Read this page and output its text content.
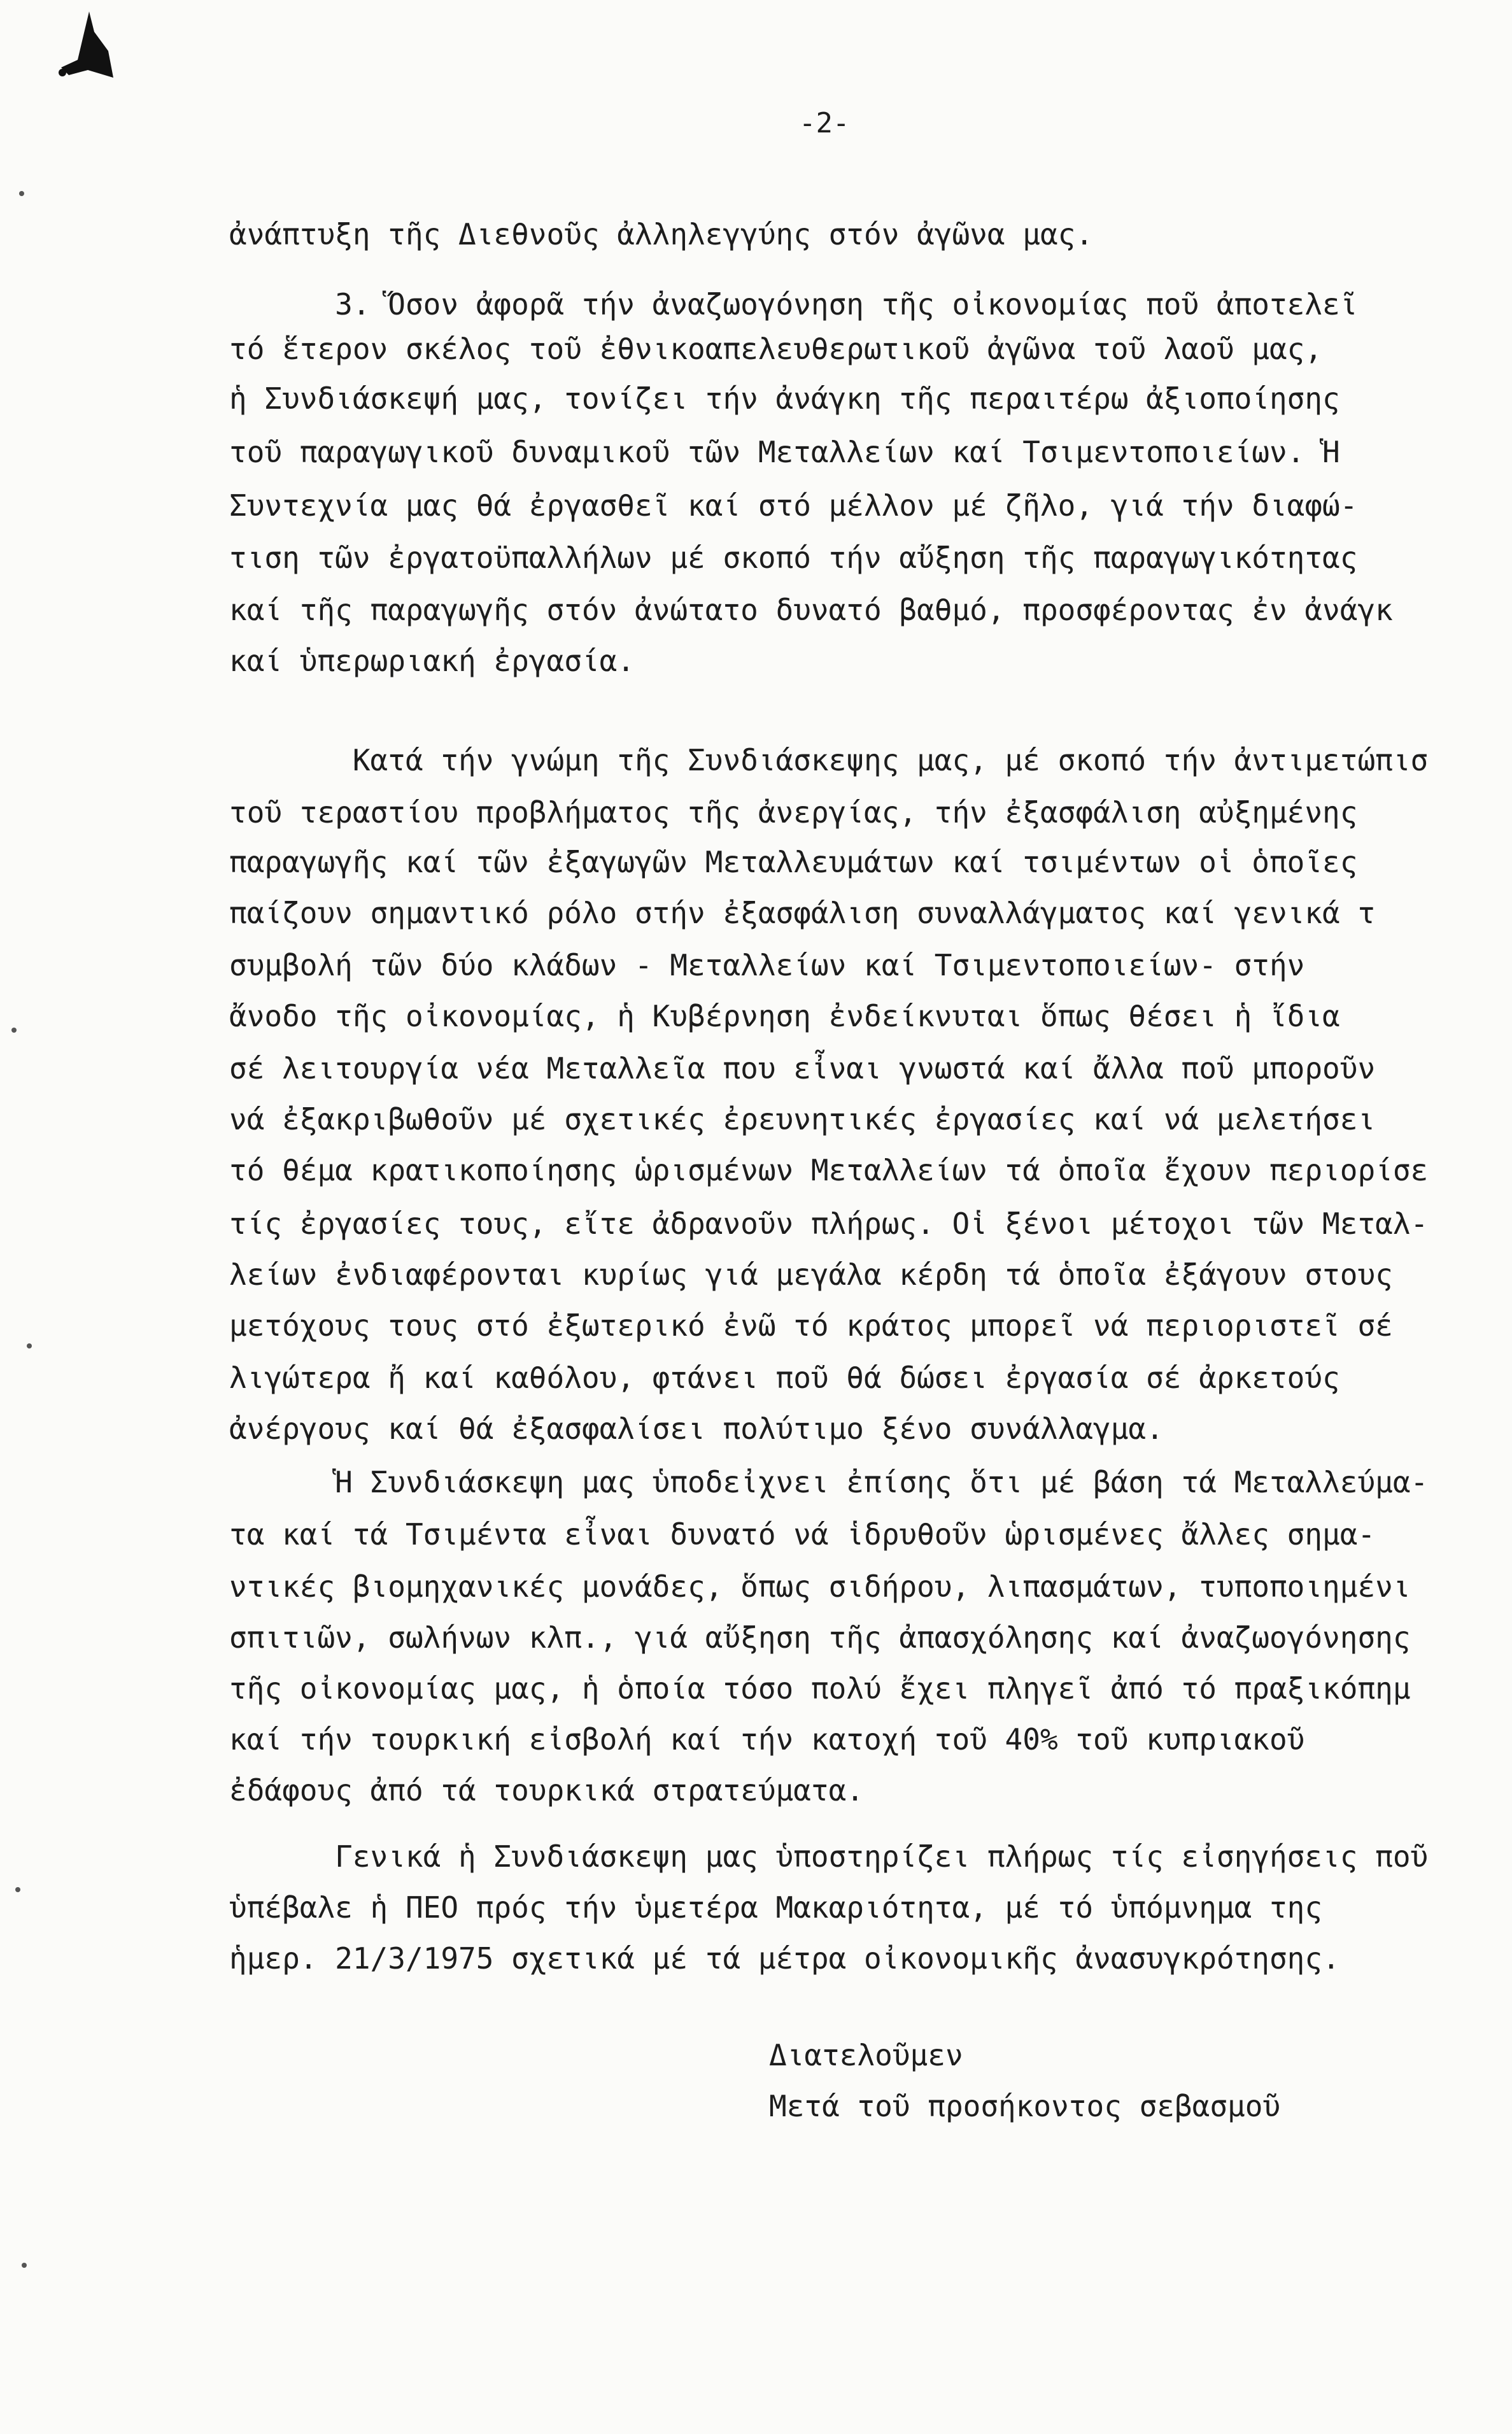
-2-
ἀνάπτυξη τῆς Διεθνοῦς ἀλληλεγγύης στόν ἀγῶνα μας.
3. Ὅσον ἀφορᾶ τήν ἀναζωογόνηση τῆς οἰκονομίας ποῦ ἀποτελεῖ
τό ἕτερον σκέλος τοῦ ἐθνικοαπελευθερωτικοῦ ἀγῶνα τοῦ λαοῦ μας,
ἡ Συνδιάσκεψή μας, τονίζει τήν ἀνάγκη τῆς περαιτέρω ἀξιοποίησης
τοῦ παραγωγικοῦ δυναμικοῦ τῶν Μεταλλείων καί Τσιμεντοποιείων. Ἡ
Συντεχνία μας θά ἐργασθεῖ καί στό μέλλον μέ ζῆλο, γιά τήν διαφώ-
τιση τῶν ἐργατοϋπαλλήλων μέ σκοπό τήν αὔξηση τῆς παραγωγικότητας
καί τῆς παραγωγῆς στόν ἀνώτατο δυνατό βαθμό, προσφέροντας ἐν ἀνάγκ
καί ὑπερωριακή ἐργασία.
Κατά τήν γνώμη τῆς Συνδιάσκεψης μας, μέ σκοπό τήν ἀντιμετώπισ
τοῦ τεραστίου προβλήματος τῆς ἀνεργίας, τήν ἐξασφάλιση αὐξημένης
παραγωγῆς καί τῶν ἐξαγωγῶν Μεταλλευμάτων καί τσιμέντων οἱ ὁποῖες
παίζουν σημαντικό ρόλο στήν ἐξασφάλιση συναλλάγματος καί γενικά τ
συμβολή τῶν δύο κλάδων - Μεταλλείων καί Τσιμεντοποιείων- στήν
ἄνοδο τῆς οἰκονομίας, ἡ Κυβέρνηση ἐνδείκνυται ὅπως θέσει ἡ ἴδια
σέ λειτουργία νέα Μεταλλεῖα που εἶναι γνωστά καί ἄλλα ποῦ μποροῦν
νά ἐξακριβωθοῦν μέ σχετικές ἐρευνητικές ἐργασίες καί νά μελετήσει
τό θέμα κρατικοποίησης ὡρισμένων Μεταλλείων τά ὁποῖα ἔχουν περιορίσε
τίς ἐργασίες τους, εἴτε ἀδρανοῦν πλήρως. Οἱ ξένοι μέτοχοι τῶν Μεταλ-
λείων ἐνδιαφέρονται κυρίως γιά μεγάλα κέρδη τά ὁποῖα ἐξάγουν στους
μετόχους τους στό ἐξωτερικό ἐνῶ τό κράτος μπορεῖ νά περιοριστεῖ σέ
λιγώτερα ἤ καί καθόλου, φτάνει ποῦ θά δώσει ἐργασία σέ ἀρκετούς
ἀνέργους καί θά ἐξασφαλίσει πολύτιμο ξένο συνάλλαγμα.
Ἡ Συνδιάσκεψη μας ὑποδεἰχνει ἐπίσης ὅτι μέ βάση τά Μεταλλεύμα-
τα καί τά Τσιμέντα εἶναι δυνατό νά ἱδρυθοῦν ὡρισμένες ἄλλες σημα-
ντικές βιομηχανικές μονάδες, ὅπως σιδήρου, λιπασμάτων, τυποποιημένι
σπιτιῶν, σωλήνων κλπ., γιά αὔξηση τῆς ἀπασχόλησης καί ἀναζωογόνησης
τῆς οἰκονομίας μας, ἡ ὁποία τόσο πολύ ἔχει πληγεῖ ἀπό τό πραξικόπημ
καί τήν τουρκική εἰσβολή καί τήν κατοχή τοῦ 40% τοῦ κυπριακοῦ
ἐδάφους ἀπό τά τουρκικά στρατεύματα.
Γενικά ἡ Συνδιάσκεψη μας ὑποστηρίζει πλήρως τίς εἰσηγήσεις ποῦ
ὑπέβαλε ἡ ΠΕΟ πρός τήν ὑμετέρα Μακαριότητα, μέ τό ὑπόμνημα της
ἡμερ. 21/3/1975 σχετικά μέ τά μέτρα οἰκονομικῆς ἀνασυγκρότησης.
Διατελοῦμεν
Μετά τοῦ προσήκοντος σεβασμοῦ
